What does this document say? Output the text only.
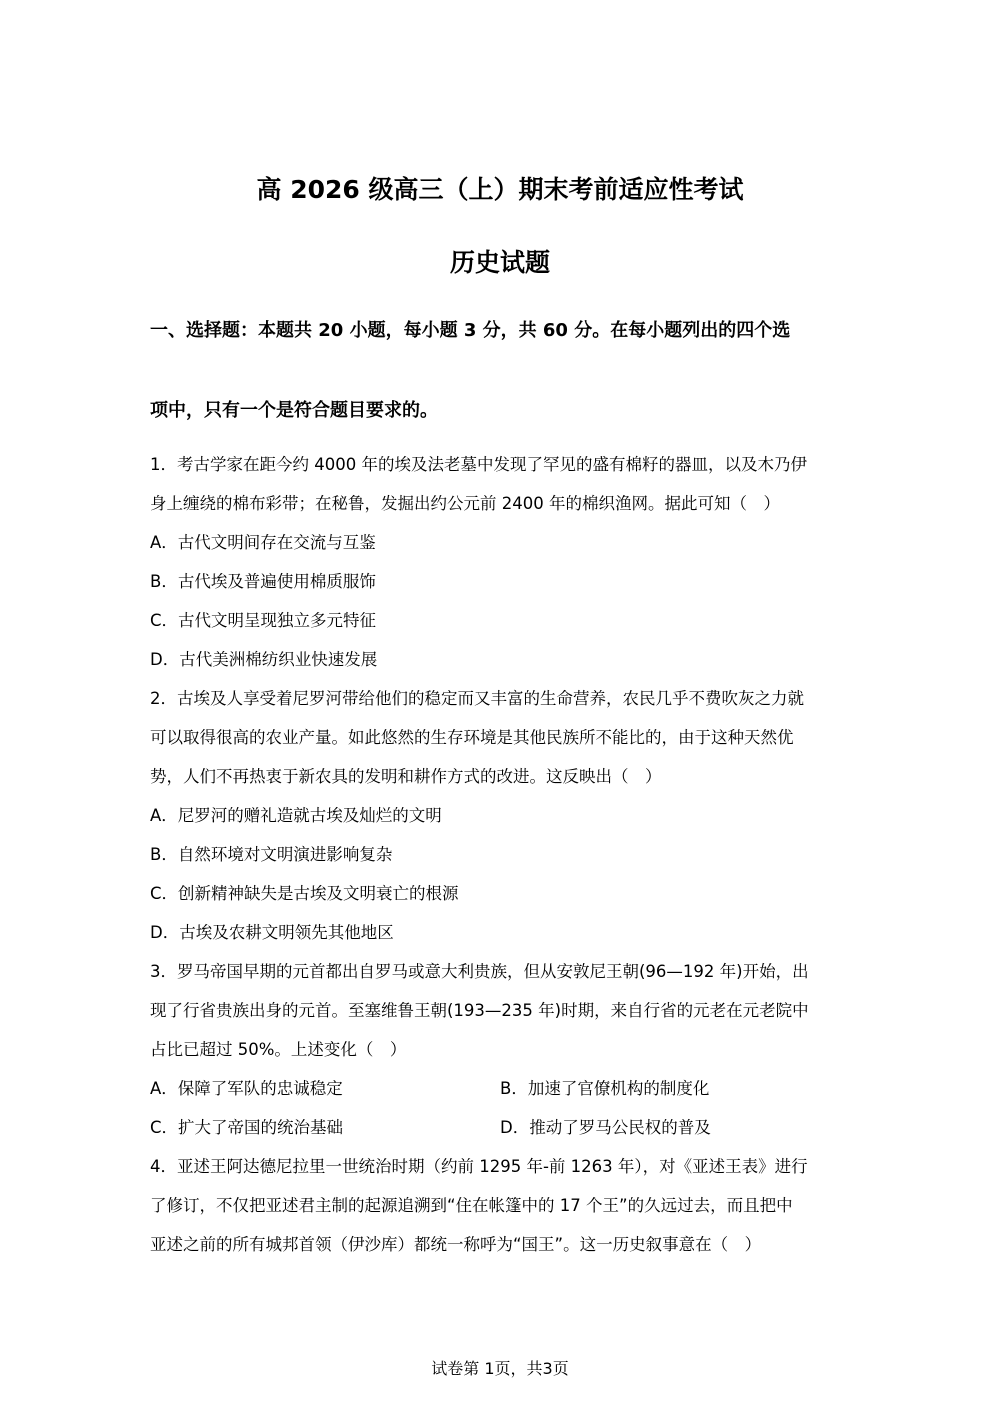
高 2026 级高三（上）期末考前适应性考试
历史试题
一、选择题：本题共 20 小题，每小题 3 分，共 60 分。在每小题列出的四个选
项中，只有一个是符合题目要求的。
1．考古学家在距今约 4000 年的埃及法老墓中发现了罕见的盛有棉籽的器皿，以及木乃伊
身上缠绕的棉布彩带；在秘鲁，发掘出约公元前 2400 年的棉织渔网。据此可知（　）
A．古代文明间存在交流与互鉴
B．古代埃及普遍使用棉质服饰
C．古代文明呈现独立多元特征
D．古代美洲棉纺织业快速发展
2．古埃及人享受着尼罗河带给他们的稳定而又丰富的生命营养，农民几乎不费吹灰之力就
可以取得很高的农业产量。如此悠然的生存环境是其他民族所不能比的，由于这种天然优
势，人们不再热衷于新农具的发明和耕作方式的改进。这反映出（　）
A．尼罗河的赠礼造就古埃及灿烂的文明
B．自然环境对文明演进影响复杂
C．创新精神缺失是古埃及文明衰亡的根源
D．古埃及农耕文明领先其他地区
3．罗马帝国早期的元首都出自罗马或意大利贵族，但从安敦尼王朝(96—192 年)开始，出
现了行省贵族出身的元首。至塞维鲁王朝(193—235 年)时期，来自行省的元老在元老院中
占比已超过 50%。上述变化（　）
A．保障了军队的忠诚稳定	B．加速了官僚机构的制度化
C．扩大了帝国的统治基础	D．推动了罗马公民权的普及
4．亚述王阿达德尼拉里一世统治时期（约前 1295 年-前 1263 年），对《亚述王表》进行
了修订，不仅把亚述君主制的起源追溯到“住在帐篷中的 17 个王”的久远过去，而且把中
亚述之前的所有城邦首领（伊沙库）都统一称呼为“国王”。这一历史叙事意在（　）
试卷第 1页，共3页
